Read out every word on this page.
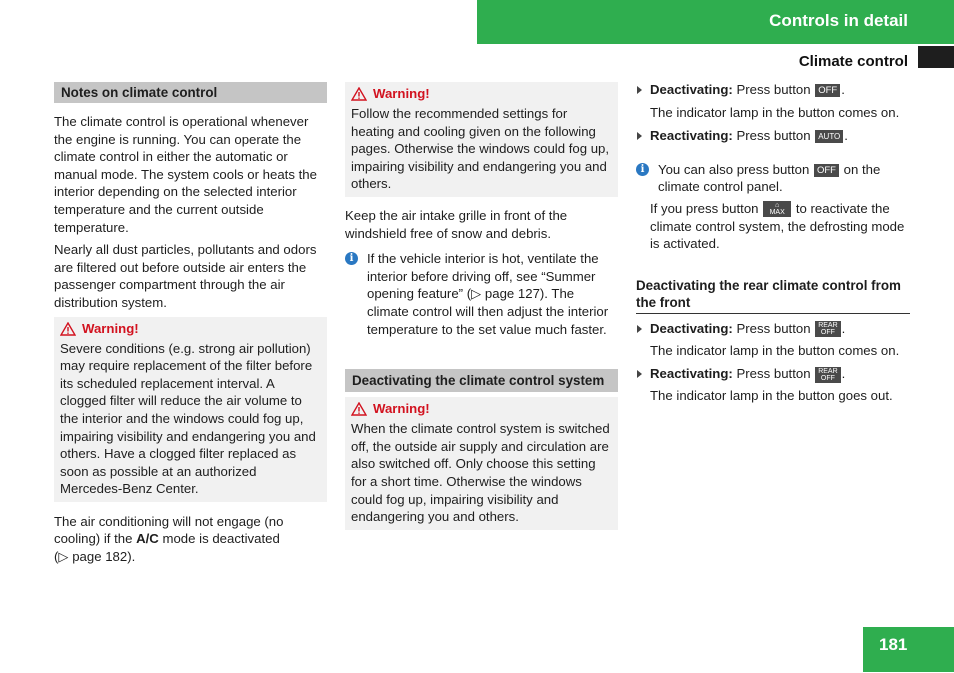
Controls in detail
Climate control
Notes on climate control

The climate control is operational whenever the engine is running. You can operate the climate control in either the automatic or manual mode. The system cools or heats the interior depending on the selected interior temperature and the current outside temperature.

Nearly all dust particles, pollutants and odors are filtered out before outside air enters the passenger compartment through the air distribution system.

Warning!
Severe conditions (e.g. strong air pollution) may require replacement of the filter before its scheduled replacement interval. A clogged filter will reduce the air volume to the interior and the windows could fog up, impairing visibility and endangering you and others. Have a clogged filter replaced as soon as possible at an authorized Mercedes-Benz Center.

The air conditioning will not engage (no cooling) if the A/C mode is deactivated
(▷ page 182).

Warning!
Follow the recommended settings for heating and cooling given on the following pages. Otherwise the windows could fog up, impairing visibility and endangering you and others.

Keep the air intake grille in front of the windshield free of snow and debris.

i	If the vehicle interior is hot, ventilate the interior before driving off, see “Summer opening feature” (▷ page 127). The climate control will then adjust the interior temperature to the set value much faster.
Deactivating the climate control system
Warning!
When the climate control system is switched off, the outside air supply and circulation are also switched off. Only choose this setting for a short time. Otherwise the windows could fog up, impairing visibility and endangering you and others.
Deactivating: Press button OFF .
The indicator lamp in the button comes on.
Reactivating: Press button AUTO .
i	You can also press button OFF on the climate control panel.
If you press button ⌂
MAX to reactivate the climate control system, the defrosting mode is activated.
Deactivating the rear climate control from the front
Deactivating: Press button REAR
OFF .
The indicator lamp in the button comes on.
Reactivating: Press button REAR
OFF .
The indicator lamp in the button goes out.
181
